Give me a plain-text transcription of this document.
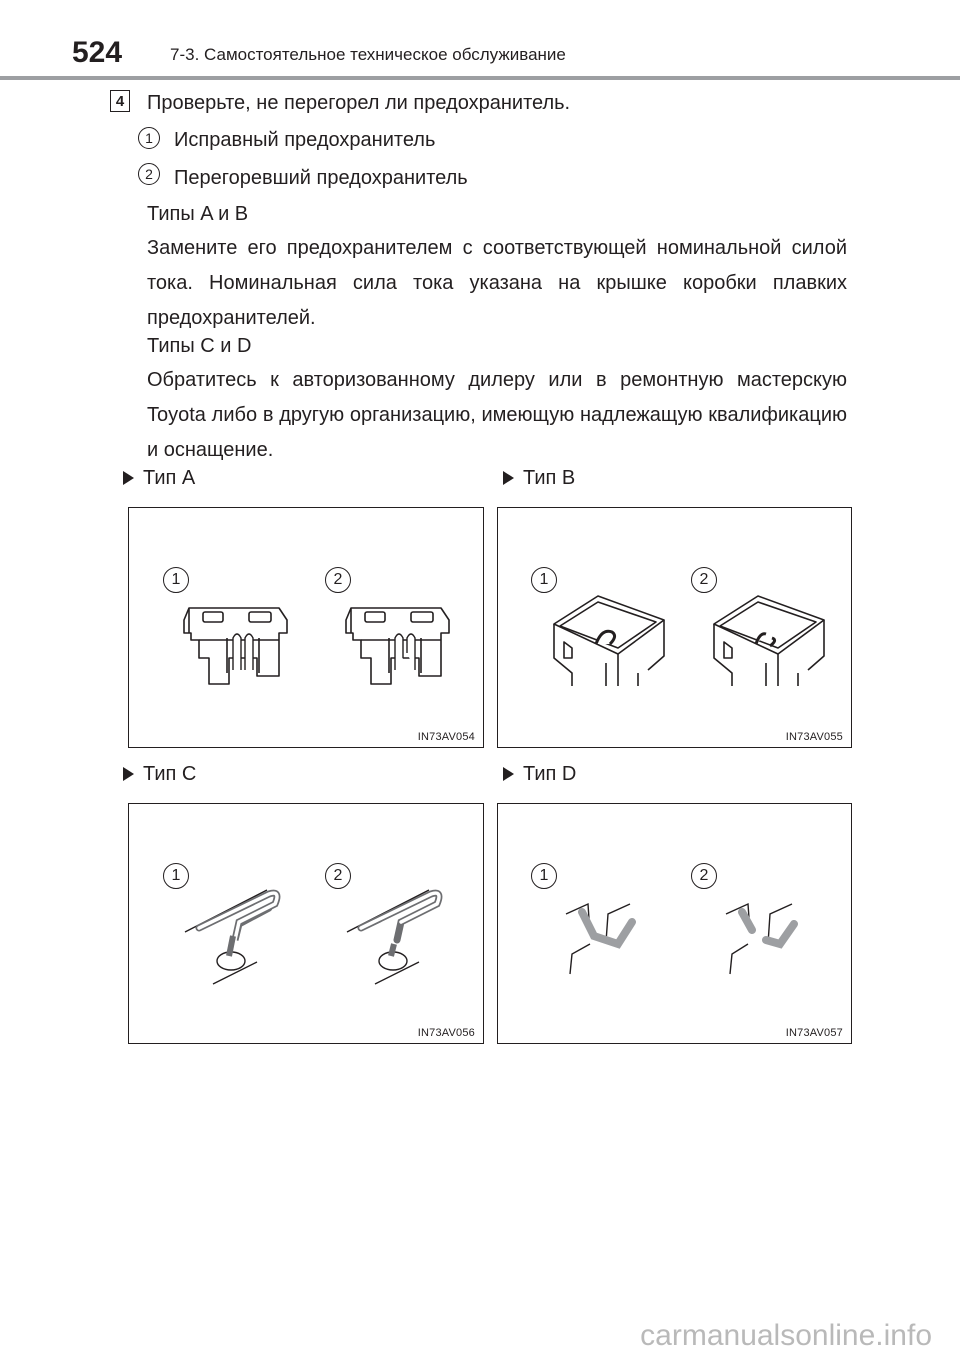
524	7-3. Самостоятельное техническое обслуживание
4 Проверьте, не перегорел ли предохранитель.
1	Исправный предохранитель
2	Перегоревший предохранитель
Типы A и B
Замените его предохранителем с соответствующей номинальной силой тока. Номинальная сила тока указана на крышке коробки плавких предохранителей.
Типы C и D
Обратитесь к авторизованному дилеру или в ремонтную мастерскую Toyota либо в другую организацию, имеющую надлежащую квалификацию и оснащение.
Тип A	Тип B
Тип C	Тип D
1	2
IN73AV054
1	2
IN73AV055
1	2
IN73AV056
1	2
IN73AV057
carmanualsonline.info
